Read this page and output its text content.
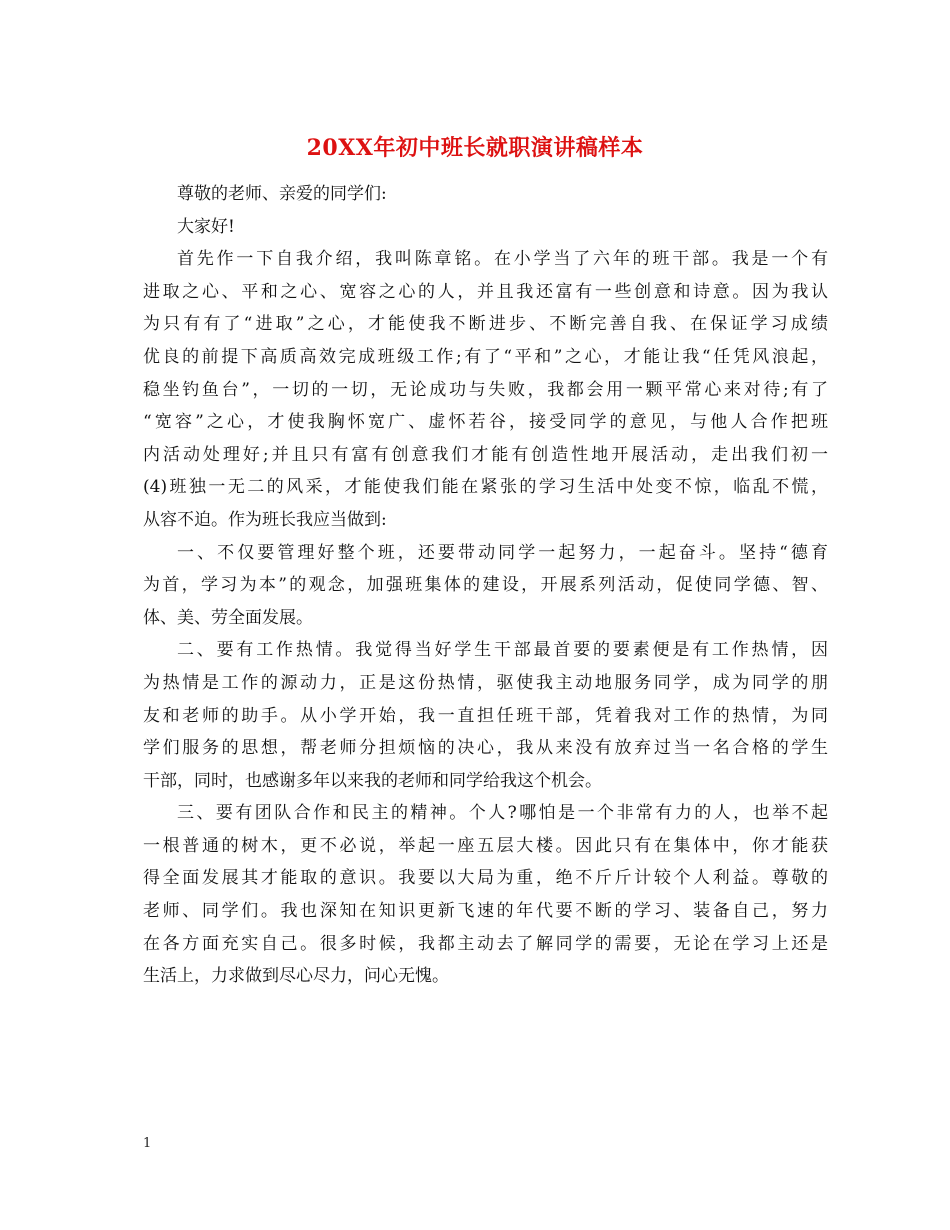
20XX年初中班长就职演讲稿样本

尊敬的老师、亲爱的同学们:

大家好!

首先作一下自我介绍，我叫陈章铭。在小学当了六年的班干部。我是一个有
进取之心、平和之心、宽容之心的人，并且我还富有一些创意和诗意。因为我认
为只有有了“进取”之心，才能使我不断进步、不断完善自我、在保证学习成绩
优良的前提下高质高效完成班级工作;有了“平和”之心，才能让我“任凭风浪起，
稳坐钓鱼台”，一切的一切，无论成功与失败，我都会用一颗平常心来对待;有了
“宽容”之心，才使我胸怀宽广、虚怀若谷，接受同学的意见，与他人合作把班
内活动处理好;并且只有富有创意我们才能有创造性地开展活动，走出我们初一
(4)班独一无二的风采，才能使我们能在紧张的学习生活中处变不惊，临乱不慌，
从容不迫。作为班长我应当做到:

一、不仅要管理好整个班，还要带动同学一起努力，一起奋斗。坚持“德育
为首，学习为本”的观念，加强班集体的建设，开展系列活动，促使同学德、智、
体、美、劳全面发展。

二、要有工作热情。我觉得当好学生干部最首要的要素便是有工作热情，因
为热情是工作的源动力，正是这份热情，驱使我主动地服务同学，成为同学的朋
友和老师的助手。从小学开始，我一直担任班干部，凭着我对工作的热情，为同
学们服务的思想，帮老师分担烦恼的决心，我从来没有放弃过当一名合格的学生
干部，同时，也感谢多年以来我的老师和同学给我这个机会。

三、要有团队合作和民主的精神。个人?哪怕是一个非常有力的人，也举不起
一根普通的树木，更不必说，举起一座五层大楼。因此只有在集体中，你才能获
得全面发展其才能取的意识。我要以大局为重，绝不斤斤计较个人利益。尊敬的
老师、同学们。我也深知在知识更新飞速的年代要不断的学习、装备自己，努力
在各方面充实自己。很多时候，我都主动去了解同学的需要，无论在学习上还是
生活上，力求做到尽心尽力，问心无愧。

1
